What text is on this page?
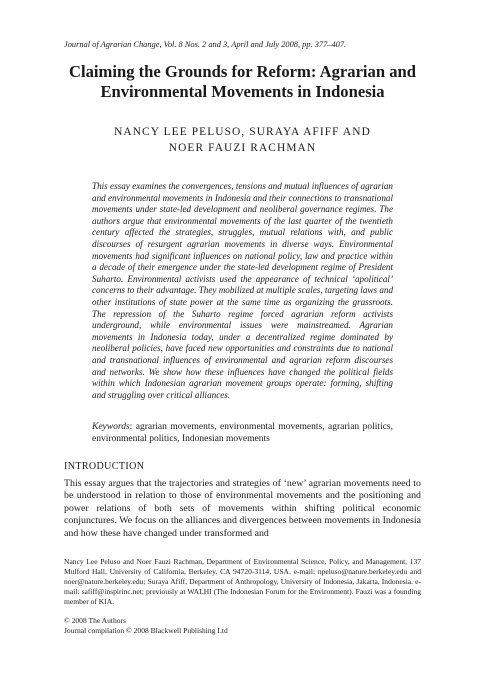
Journal of Agrarian Change, Vol. 8 Nos. 2 and 3, April and July 2008, pp. 377–407.
Claiming the Grounds for Reform: Agrarian and Environmental Movements in Indonesia
NANCY LEE PELUSO, SURAYA AFIFF AND
NOER FAUZI RACHMAN
This essay examines the convergences, tensions and mutual influences of agrarian and environmental movements in Indonesia and their connections to transnational movements under state-led development and neoliberal governance regimes. The authors argue that environmental movements of the last quarter of the twentieth century affected the strategies, struggles, mutual relations with, and public discourses of resurgent agrarian movements in diverse ways. Environmental movements had significant influences on national policy, law and practice within a decade of their emergence under the state-led development regime of President Suharto. Environmental activists used the appearance of technical ‘apolitical’ concerns to their advantage. They mobilized at multiple scales, targeting laws and other institutions of state power at the same time as organizing the grassroots. The repression of the Suharto regime forced agrarian reform activists underground, while environmental issues were mainstreamed. Agrarian movements in Indonesia today, under a decentralized regime dominated by neoliberal policies, have faced new opportunities and constraints due to national and transnational influences of environmental and agrarian reform discourses and networks. We show how these influences have changed the political fields within which Indonesian agrarian movement groups operate: forming, shifting and struggling over critical alliances.
Keywords: agrarian movements, environmental movements, agrarian politics, environmental politics, Indonesian movements
INTRODUCTION
This essay argues that the trajectories and strategies of ‘new’ agrarian movements need to be understood in relation to those of environmental movements and the positioning and power relations of both sets of movements within shifting political economic conjunctures. We focus on the alliances and divergences between movements in Indonesia and how these have changed under transformed and
Nancy Lee Peluso and Noer Fauzi Rachman, Department of Environmental Science, Policy, and Management, 137 Mulford Hall, University of California, Berkeley, CA 94720-3114, USA. e-mail: npeluso@nature.berkeley.edu and noer@nature.berkeley.edu; Suraya Afiff, Department of Anthropology, University of Indonesia, Jakarta, Indonesia. e-mail: safiff@inspirinc.net; previously at WALHI (The Indonesian Forum for the Environment). Fauzi was a founding member of KIA.
© 2008 The Authors
Journal compilation © 2008 Blackwell Publishing Ltd
